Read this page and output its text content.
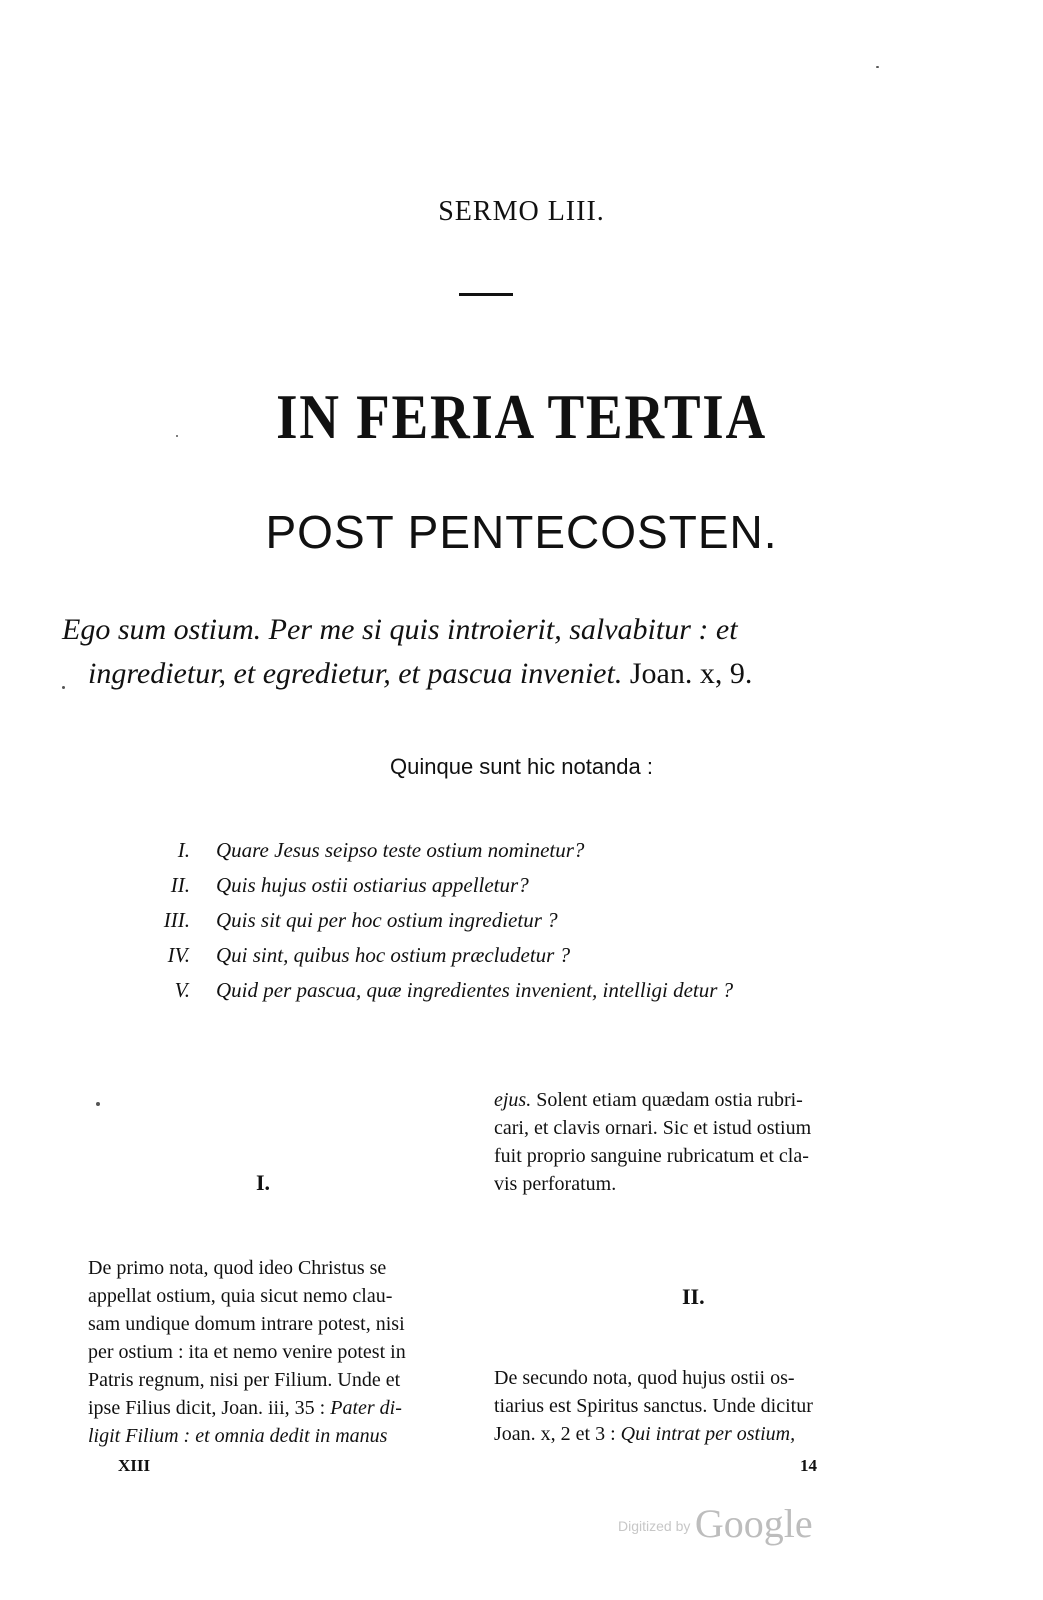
SERMO LIII.
IN FERIA TERTIA
POST PENTECOSTEN.
Ego sum ostium. Per me si quis introierit, salvabitur : et
ingredietur, et egredietur, et pascua inveniet. Joan. x, 9.
Quinque sunt hic notanda :
I. Quare Jesus seipso teste ostium nominetur?
II. Quis hujus ostii ostiarius appelletur?
III. Quis sit qui per hoc ostium ingredietur ?
IV. Qui sint, quibus hoc ostium præcludetur ?
V. Quid per pascua, quæ ingredientes invenient, intelligi detur ?
I.

De primo nota, quod ideo Christus se

appellat ostium, quia sicut nemo clau-

sam undique domum intrare potest, nisi

per ostium : ita et nemo venire potest in

Patris regnum, nisi per Filium. Unde et

ipse Filius dicit, Joan. iii, 35 : Pater di-

ligit Filium : et omnia dedit in manus

ejus. Solent etiam quædam ostia rubri-

cari, et clavis ornari. Sic et istud ostium

fuit proprio sanguine rubricatum et cla-

vis perforatum.

II.

De secundo nota, quod hujus ostii os-

tiarius est Spiritus sanctus. Unde dicitur

Joan. x, 2 et 3 : Qui intrat per ostium,

XIII	14
Digitized by Google
